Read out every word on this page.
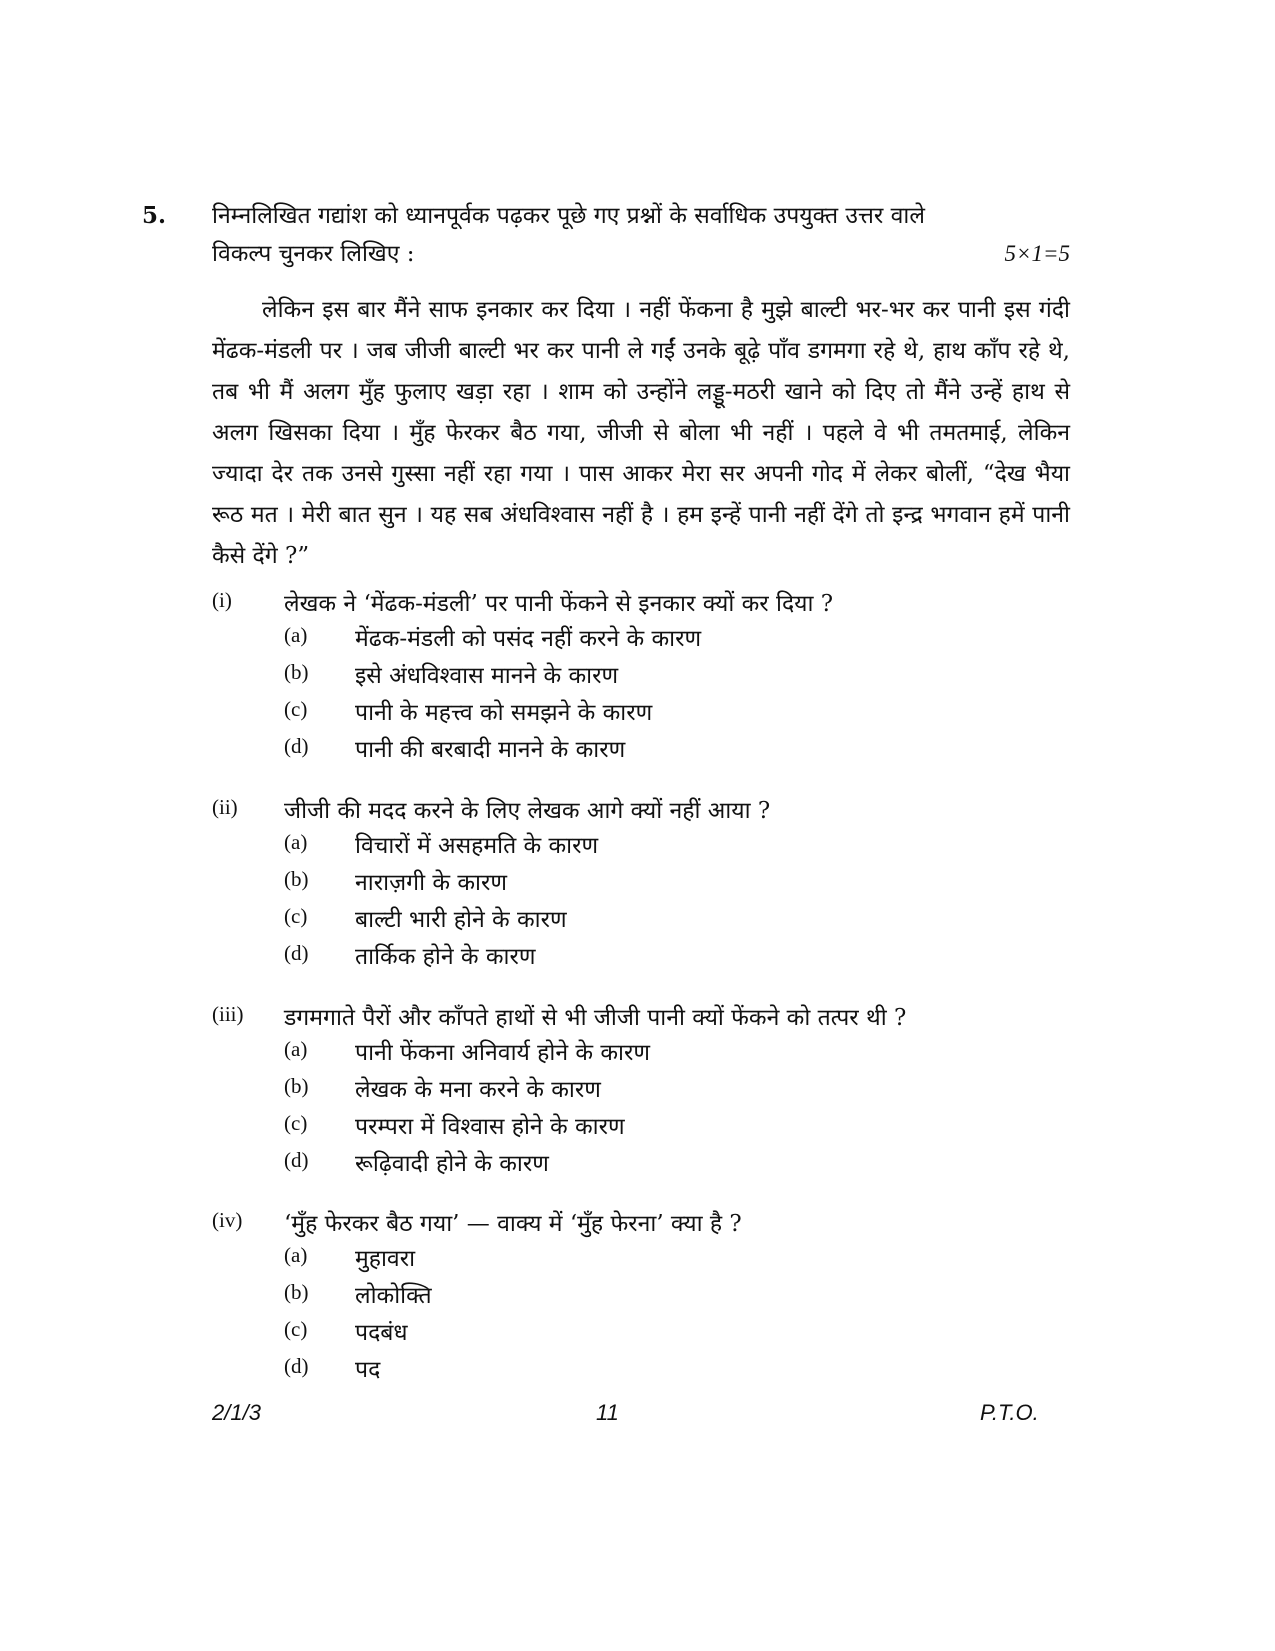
5. निम्नलिखित गद्यांश को ध्यानपूर्वक पढ़कर पूछे गए प्रश्नों के सर्वाधिक उपयुक्त उत्तर वाले
विकल्प चुनकर लिखिए :	5×1=5

लेकिन इस बार मैंने साफ इनकार कर दिया । नहीं फेंकना है मुझे बाल्टी भर-भर कर पानी इस गंदी मेंढक-मंडली पर । जब जीजी बाल्टी भर कर पानी ले गईं उनके बूढ़े पाँव डगमगा रहे थे, हाथ काँप रहे थे, तब भी मैं अलग मुँह फुलाए खड़ा रहा । शाम को उन्होंने लड्डू-मठरी खाने को दिए तो मैंने उन्हें हाथ से अलग खिसका दिया । मुँह फेरकर बैठ गया, जीजी से बोला भी नहीं । पहले वे भी तमतमाई, लेकिन ज्यादा देर तक उनसे गुस्सा नहीं रहा गया । पास आकर मेरा सर अपनी गोद में लेकर बोलीं, “देख भैया रूठ मत । मेरी बात सुन । यह सब अंधविश्वास नहीं है । हम इन्हें पानी नहीं देंगे तो इन्द्र भगवान हमें पानी कैसे देंगे ?”

(i) लेखक ने ‘मेंढक-मंडली’ पर पानी फेंकने से इनकार क्यों कर दिया ?
(a) मेंढक-मंडली को पसंद नहीं करने के कारण
(b) इसे अंधविश्वास मानने के कारण
(c) पानी के महत्त्व को समझने के कारण
(d) पानी की बरबादी मानने के कारण
(ii) जीजी की मदद करने के लिए लेखक आगे क्यों नहीं आया ?
(a) विचारों में असहमति के कारण
(b) नाराज़गी के कारण
(c) बाल्टी भारी होने के कारण
(d) तार्किक होने के कारण
(iii) डगमगाते पैरों और काँपते हाथों से भी जीजी पानी क्यों फेंकने को तत्पर थी ?
(a) पानी फेंकना अनिवार्य होने के कारण
(b) लेखक के मना करने के कारण
(c) परम्परा में विश्वास होने के कारण
(d) रूढ़िवादी होने के कारण
(iv) ‘मुँह फेरकर बैठ गया’ — वाक्य में ‘मुँह फेरना’ क्या है ?
(a) मुहावरा
(b) लोकोक्ति
(c) पदबंध
(d) पद
2/1/3	11	P.T.O.
